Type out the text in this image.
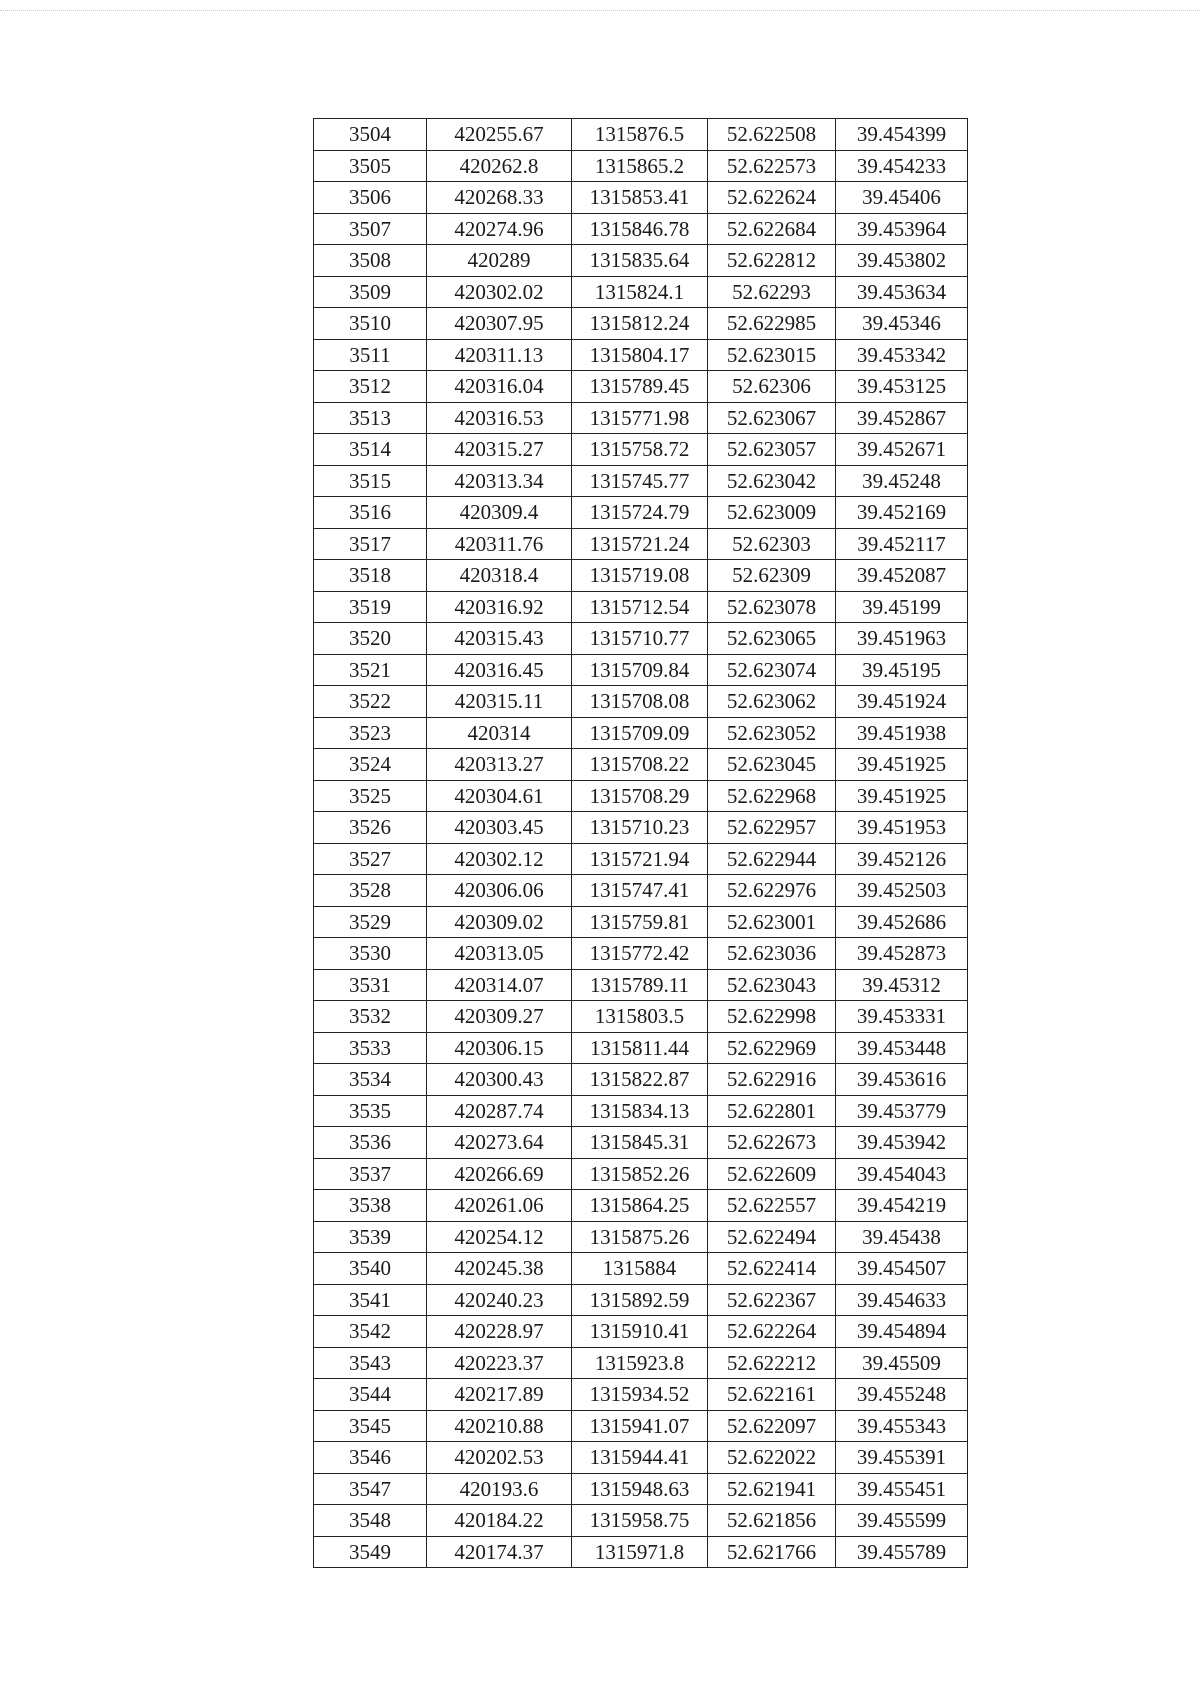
3504	420255.67	1315876.5	52.622508	39.454399
3505	420262.8	1315865.2	52.622573	39.454233
3506	420268.33	1315853.41	52.622624	39.45406
3507	420274.96	1315846.78	52.622684	39.453964
3508	420289	1315835.64	52.622812	39.453802
3509	420302.02	1315824.1	52.62293	39.453634
3510	420307.95	1315812.24	52.622985	39.45346
3511	420311.13	1315804.17	52.623015	39.453342
3512	420316.04	1315789.45	52.62306	39.453125
3513	420316.53	1315771.98	52.623067	39.452867
3514	420315.27	1315758.72	52.623057	39.452671
3515	420313.34	1315745.77	52.623042	39.45248
3516	420309.4	1315724.79	52.623009	39.452169
3517	420311.76	1315721.24	52.62303	39.452117
3518	420318.4	1315719.08	52.62309	39.452087
3519	420316.92	1315712.54	52.623078	39.45199
3520	420315.43	1315710.77	52.623065	39.451963
3521	420316.45	1315709.84	52.623074	39.45195
3522	420315.11	1315708.08	52.623062	39.451924
3523	420314	1315709.09	52.623052	39.451938
3524	420313.27	1315708.22	52.623045	39.451925
3525	420304.61	1315708.29	52.622968	39.451925
3526	420303.45	1315710.23	52.622957	39.451953
3527	420302.12	1315721.94	52.622944	39.452126
3528	420306.06	1315747.41	52.622976	39.452503
3529	420309.02	1315759.81	52.623001	39.452686
3530	420313.05	1315772.42	52.623036	39.452873
3531	420314.07	1315789.11	52.623043	39.45312
3532	420309.27	1315803.5	52.622998	39.453331
3533	420306.15	1315811.44	52.622969	39.453448
3534	420300.43	1315822.87	52.622916	39.453616
3535	420287.74	1315834.13	52.622801	39.453779
3536	420273.64	1315845.31	52.622673	39.453942
3537	420266.69	1315852.26	52.622609	39.454043
3538	420261.06	1315864.25	52.622557	39.454219
3539	420254.12	1315875.26	52.622494	39.45438
3540	420245.38	1315884	52.622414	39.454507
3541	420240.23	1315892.59	52.622367	39.454633
3542	420228.97	1315910.41	52.622264	39.454894
3543	420223.37	1315923.8	52.622212	39.45509
3544	420217.89	1315934.52	52.622161	39.455248
3545	420210.88	1315941.07	52.622097	39.455343
3546	420202.53	1315944.41	52.622022	39.455391
3547	420193.6	1315948.63	52.621941	39.455451
3548	420184.22	1315958.75	52.621856	39.455599
3549	420174.37	1315971.8	52.621766	39.455789
